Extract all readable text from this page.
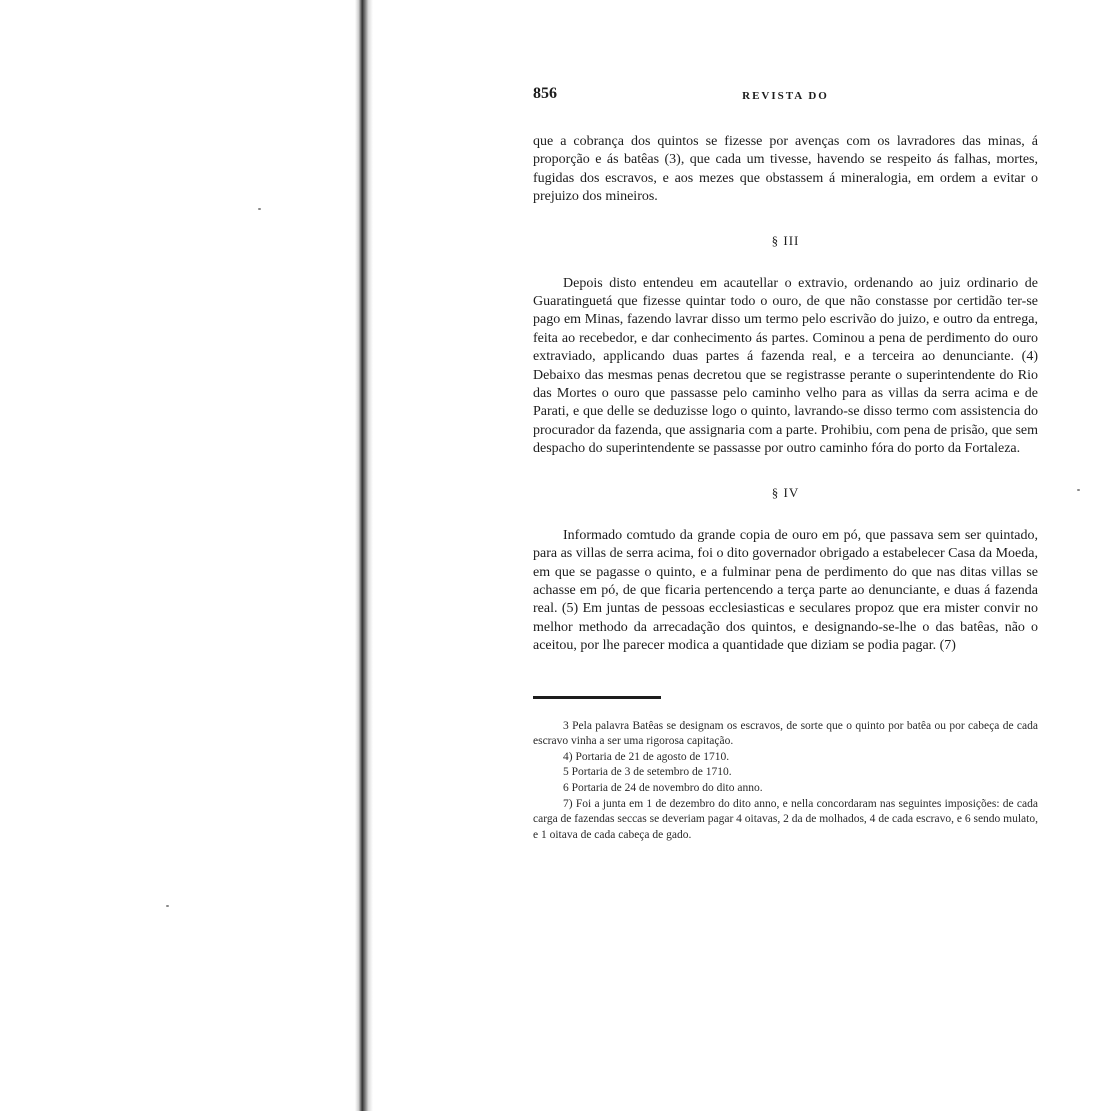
856	REVISTA DO

que a cobrança dos quintos se fizesse por avenças com os lavradores das minas, á proporção e ás batêas (3), que cada um tivesse, havendo se respeito ás falhas, mortes, fugidas dos escravos, e aos mezes que obstassem á mineralogia, em ordem a evitar o prejuizo dos mineiros.

§ III

Depois disto entendeu em acautellar o extravio, ordenando ao juiz ordinario de Guaratinguetá que fizesse quintar todo o ouro, de que não constasse por certidão ter-se pago em Minas, fazendo lavrar disso um termo pelo escrivão do juizo, e outro da entrega, feita ao recebedor, e dar conhecimento ás partes. Cominou a pena de perdimento do ouro extraviado, applicando duas partes á fazenda real, e a terceira ao denunciante. (4) Debaixo das mesmas penas decretou que se registrasse perante o superintendente do Rio das Mortes o ouro que passasse pelo caminho velho para as villas da serra acima e de Parati, e que delle se deduzisse logo o quinto, lavrando-se disso termo com assistencia do procurador da fazenda, que assignaria com a parte. Prohibiu, com pena de prisão, que sem despacho do superintendente se passasse por outro caminho fóra do porto da Fortaleza.

§ IV

Informado comtudo da grande copia de ouro em pó, que passava sem ser quintado, para as villas de serra acima, foi o dito governador obrigado a estabelecer Casa da Moeda, em que se pagasse o quinto, e a fulminar pena de perdimento do que nas ditas villas se achasse em pó, de que ficaria pertencendo a terça parte ao denunciante, e duas á fazenda real. (5) Em juntas de pessoas ecclesiasticas e seculares propoz que era mister convir no melhor methodo da arrecadação dos quintos, e designando-se-lhe o das batêas, não o aceitou, por lhe parecer modica a quantidade que diziam se podia pagar. (7)

3 Pela palavra Batêas se designam os escravos, de sorte que o quinto por batêa ou por cabeça de cada escravo vinha a ser uma rigorosa capitação.

4) Portaria de 21 de agosto de 1710.

5 Portaria de 3 de setembro de 1710.

6 Portaria de 24 de novembro do dito anno.

7) Foi a junta em 1 de dezembro do dito anno, e nella concordaram nas seguintes imposições: de cada carga de fazendas seccas se deveriam pagar 4 oitavas, 2 da de molhados, 4 de cada escravo, e 6 sendo mulato, e 1 oitava de cada cabeça de gado.
